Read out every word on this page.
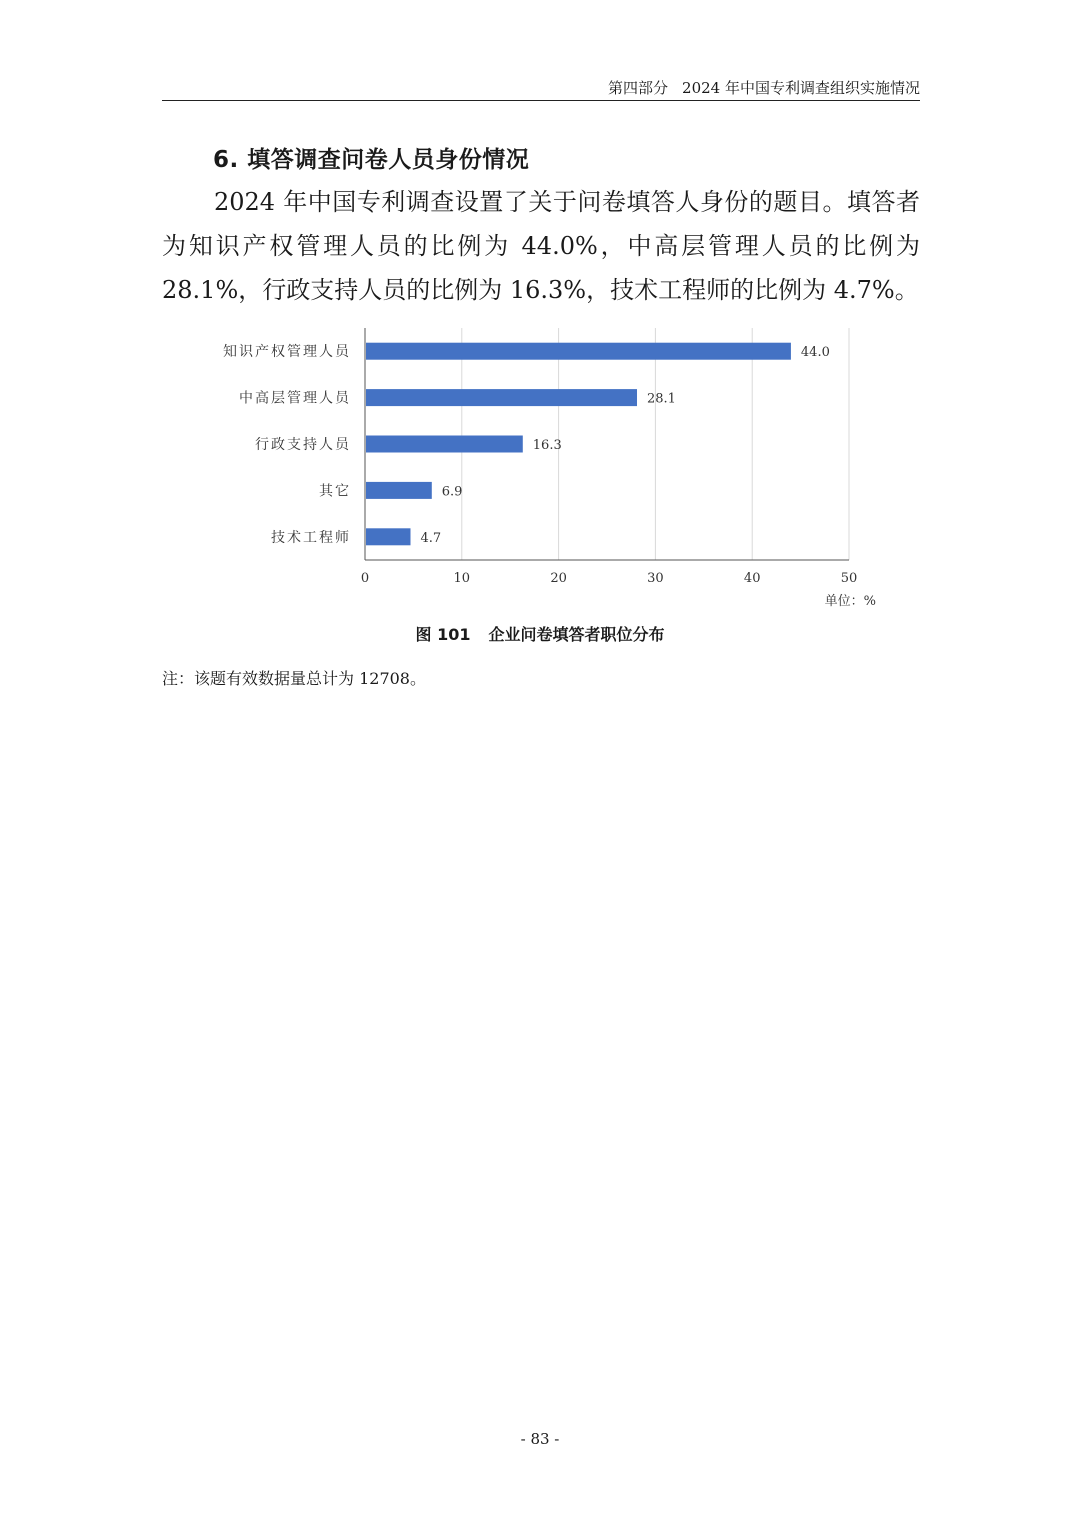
第四部分 2024 年中国专利调查组织实施情况
6. 填答调查问卷人员身份情况
2024 年中国专利调查设置了关于问卷填答人身份的题目。填答者为知识产权管理人员的比例为 44.0%，中高层管理人员的比例为 28.1%，行政支持人员的比例为 16.3%，技术工程师的比例为 4.7%。
0	10	20	30	40	50
知识产权管理人员	44.0
中高层管理人员	28.1
行政支持人员	16.3
其它	6.9
技术工程师	4.7
单位：%
图 101 企业问卷填答者职位分布
注：该题有效数据量总计为 12708。
- 83 -
